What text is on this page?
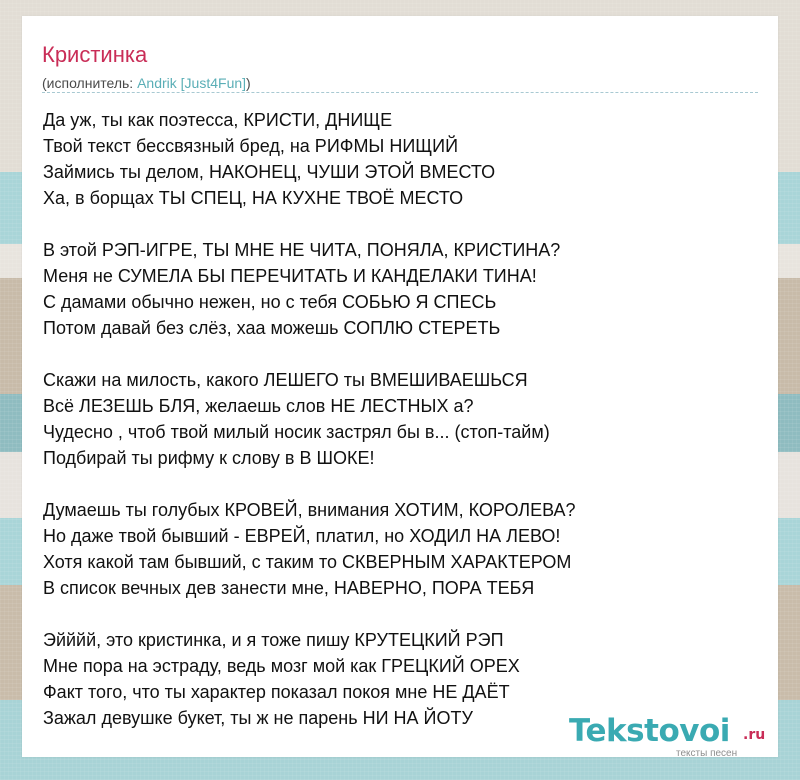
Кристинка
(исполнитель: Andrik [Just4Fun])
Да уж, ты как поэтесса, КРИСТИ, ДНИЩЕ
Твой текст бессвязный бред, на РИФМЫ НИЩИЙ
Займись ты делом, НАКОНЕЦ, ЧУШИ ЭТОЙ ВМЕСТО
Ха, в борщах ТЫ СПЕЦ, НА КУХНЕ ТВОЁ МЕСТО
В этой РЭП-ИГРЕ, ТЫ МНЕ НЕ ЧИТА, ПОНЯЛА, КРИСТИНА?
Меня не СУМЕЛА БЫ ПЕРЕЧИТАТЬ И КАНДЕЛАКИ ТИНА!
С дамами обычно нежен, но с тебя СОБЬЮ Я СПЕСЬ
Потом давай без слёз, хаа можешь СОПЛЮ СТЕРЕТЬ
Скажи на милость, какого ЛЕШЕГО ты ВМЕШИВАЕШЬСЯ
Всё ЛЕЗЕШЬ БЛЯ, желаешь слов НЕ ЛЕСТНЫХ а?
Чудесно , чтоб твой милый носик застрял бы в... (стоп-тайм)
Подбирай ты рифму к слову в В ШОКЕ!
Думаешь ты голубых КРОВЕЙ, внимания ХОТИМ, КОРОЛЕВА?
Но даже твой бывший - ЕВРЕЙ, платил, но ХОДИЛ НА ЛЕВО!
Хотя какой там бывший, с таким то СКВЕРНЫМ ХАРАКТЕРОМ
В список вечных дев занести мне, НАВЕРНО, ПОРА ТЕБЯ
Эйййй, это кристинка, и я тоже пишу КРУТЕЦКИЙ РЭП
Мне пора на эстраду, ведь мозг мой как ГРЕЦКИЙ ОРЕХ
Факт того, что ты характер показал покоя мне НЕ ДАЁТ
Зажал девушке букет, ты ж не парень НИ НА ЙОТУ	Tekstovoi .ru
тексты песен
